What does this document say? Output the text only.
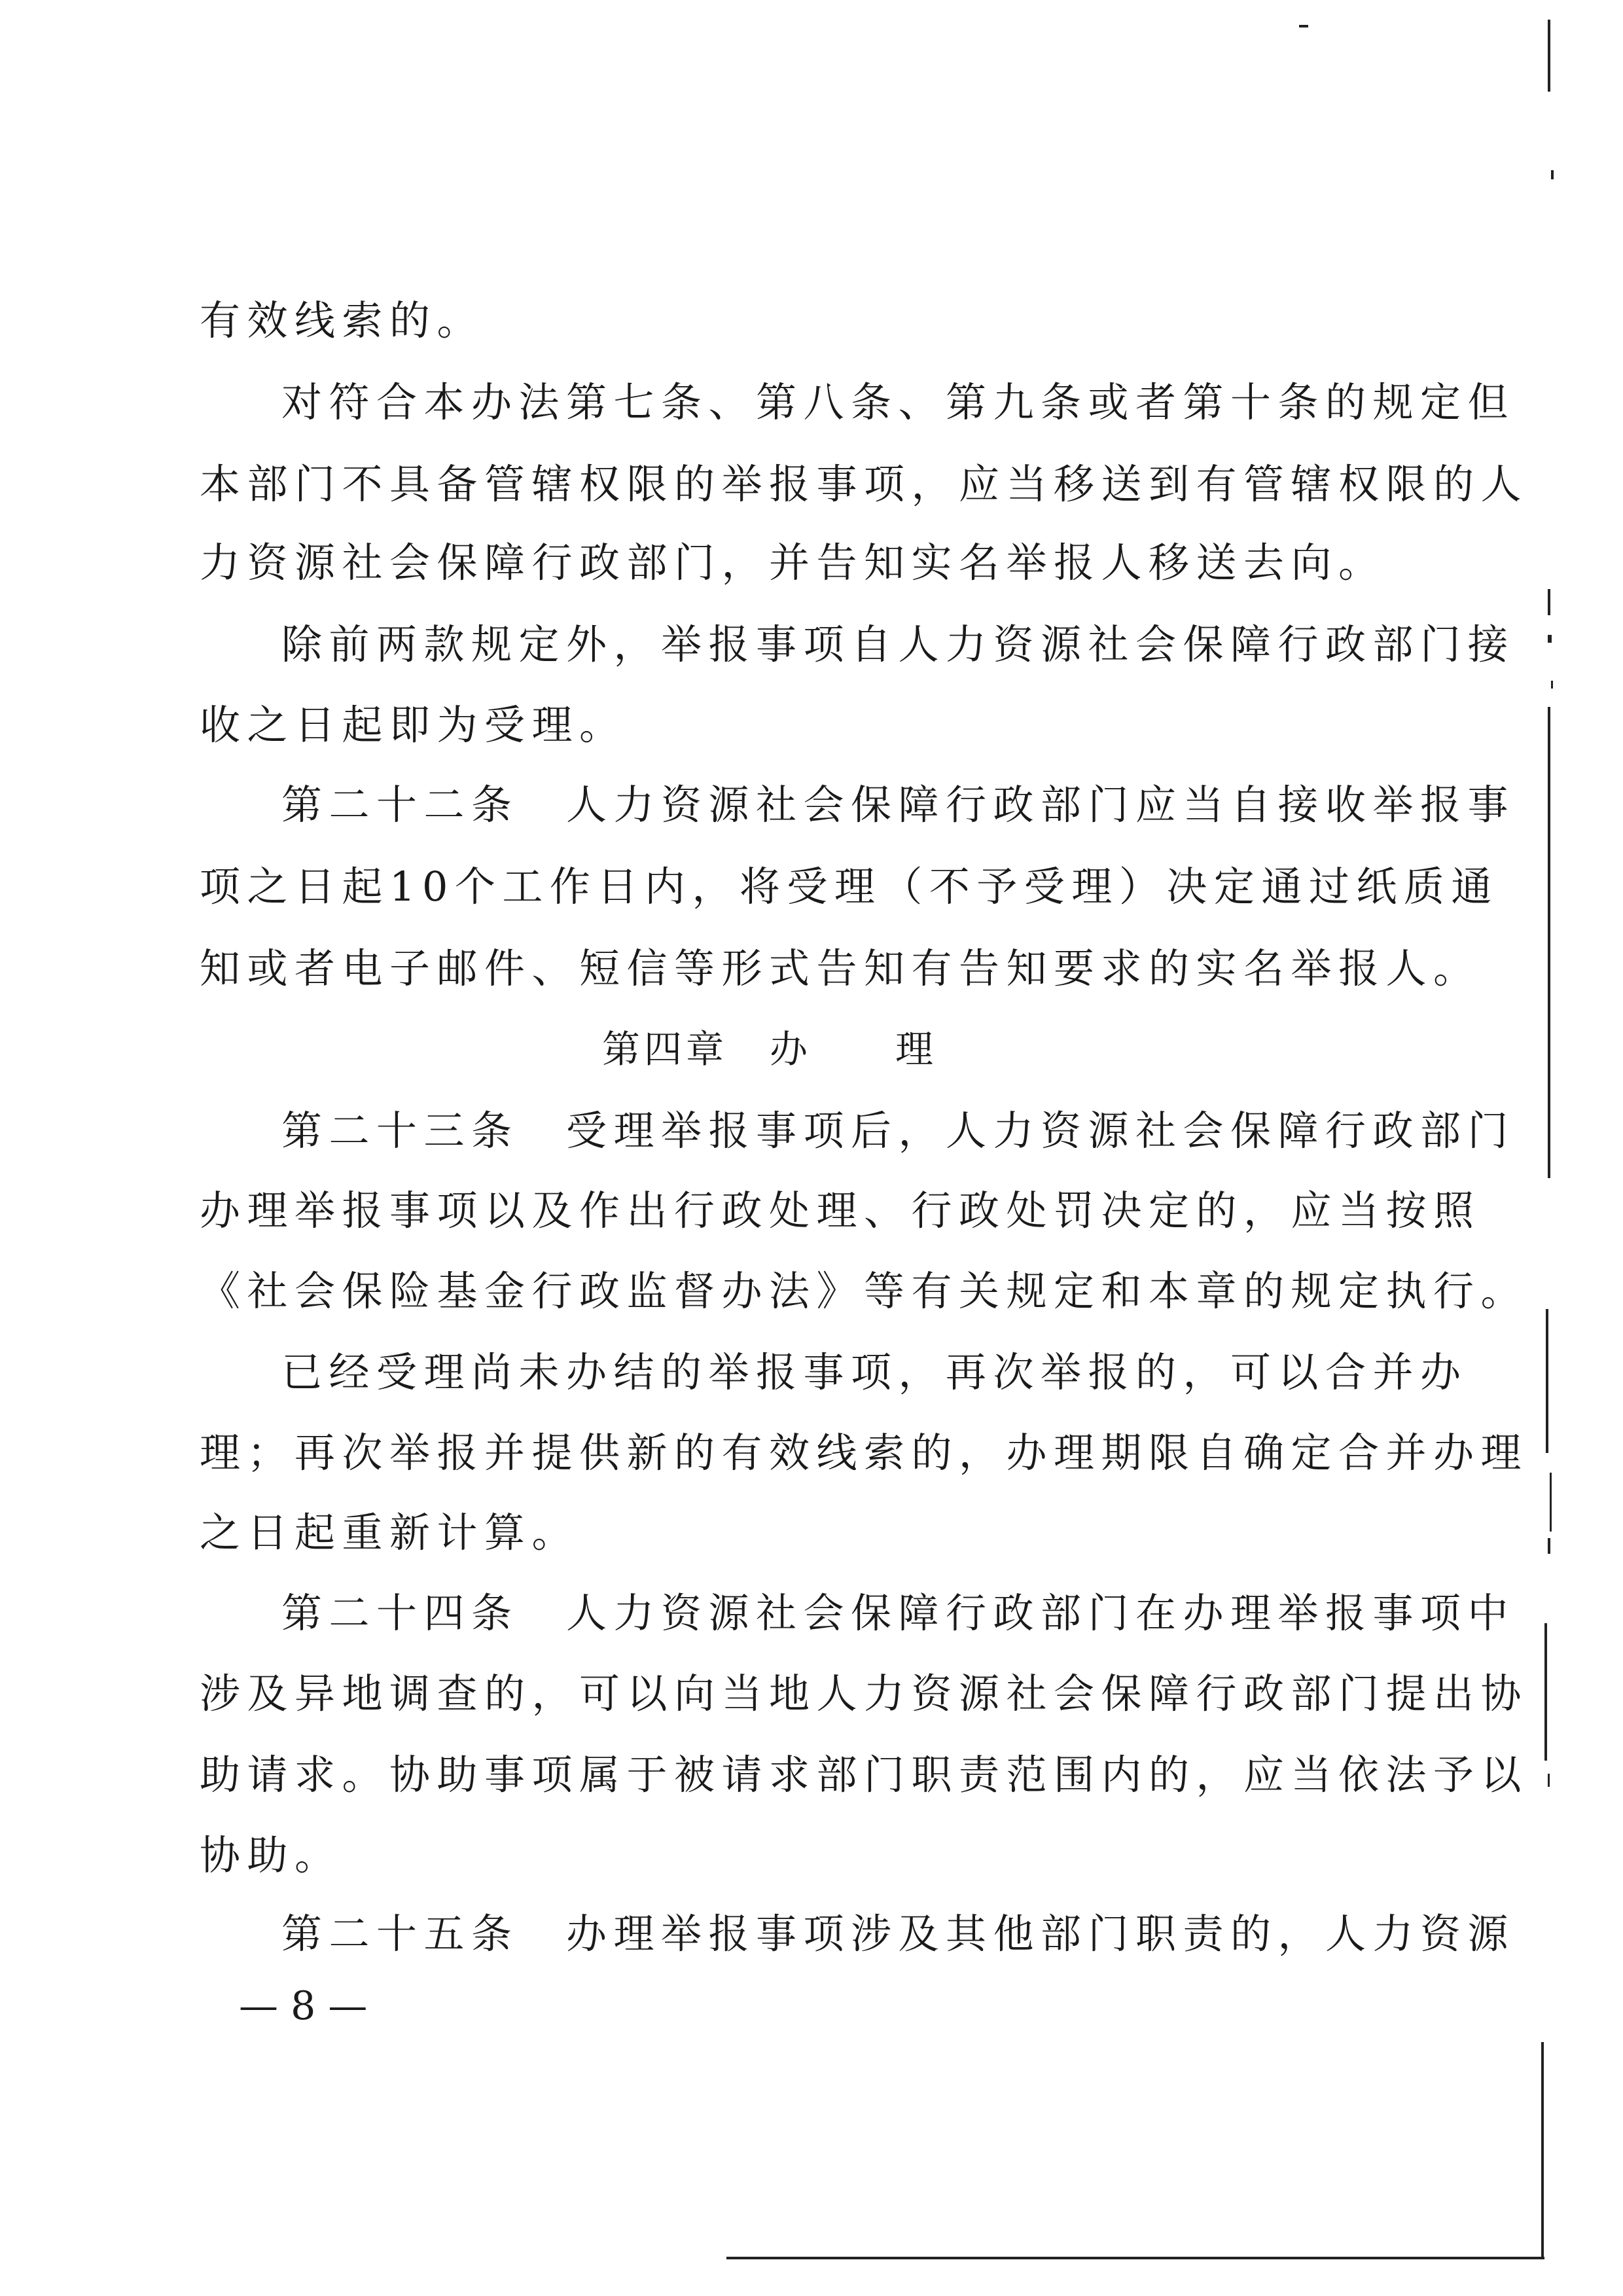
有效线索的。
对符合本办法第七条、第八条、第九条或者第十条的规定但
本部门不具备管辖权限的举报事项，应当移送到有管辖权限的人
力资源社会保障行政部门，并告知实名举报人移送去向。
除前两款规定外，举报事项自人力资源社会保障行政部门接
收之日起即为受理。
第二十二条　人力资源社会保障行政部门应当自接收举报事
项之日起10个工作日内，将受理（不予受理）决定通过纸质通
知或者电子邮件、短信等形式告知有告知要求的实名举报人。
第四章　办　　理
第二十三条　受理举报事项后，人力资源社会保障行政部门
办理举报事项以及作出行政处理、行政处罚决定的，应当按照
《社会保险基金行政监督办法》等有关规定和本章的规定执行。
已经受理尚未办结的举报事项，再次举报的，可以合并办
理；再次举报并提供新的有效线索的，办理期限自确定合并办理
之日起重新计算。
第二十四条　人力资源社会保障行政部门在办理举报事项中
涉及异地调查的，可以向当地人力资源社会保障行政部门提出协
助请求。协助事项属于被请求部门职责范围内的，应当依法予以
协助。
第二十五条　办理举报事项涉及其他部门职责的，人力资源
— 8 —
